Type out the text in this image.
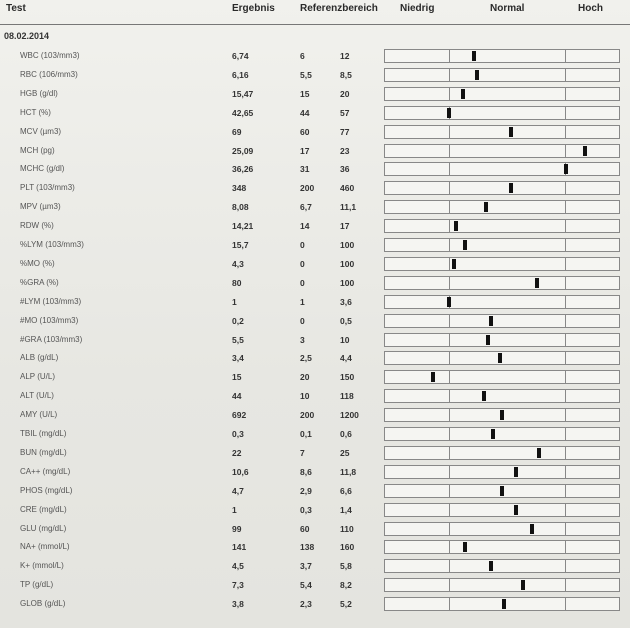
Test	Ergebnis	Referenzbereich Niedrig	Normal	Hoch
08.02.2014
WBC (103/mm3)	6,74	6	12
RBC (106/mm3)	6,16	5,5	8,5
HGB (g/dl)	15,47	15	20
HCT (%)	42,65	44	57
MCV (µm3)	69	60	77
MCH (pg)	25,09	17	23
MCHC (g/dl)	36,26	31	36
PLT (103/mm3)	348	200	460
MPV (µm3)	8,08	6,7	11,1
RDW (%)	14,21	14	17
%LYM (103/mm3)	15,7	0	100
%MO (%)	4,3	0	100
%GRA (%)	80	0	100
#LYM (103/mm3)	1	1	3,6
#MO (103/mm3)	0,2	0	0,5
#GRA (103/mm3)	5,5	3	10
ALB (g/dL)	3,4	2,5	4,4
ALP (U/L)	15	20	150
ALT (U/L)	44	10	118
AMY (U/L)	692	200	1200
TBIL (mg/dL)	0,3	0,1	0,6
BUN (mg/dL)	22	7	25
CA++ (mg/dL)	10,6	8,6	11,8
PHOS (mg/dL)	4,7	2,9	6,6
CRE (mg/dL)	1	0,3	1,4
GLU (mg/dL)	99	60	110
NA+ (mmol/L)	141	138	160
K+ (mmol/L)	4,5	3,7	5,8
TP (g/dL)	7,3	5,4	8,2
GLOB (g/dL)	3,8	2,3	5,2
